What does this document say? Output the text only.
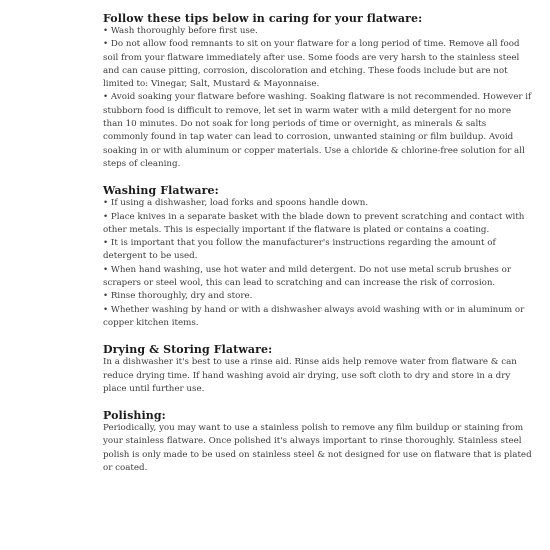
Follow these tips below in caring for your flatware:
• Wash thoroughly before first use.
• Do not allow food remnants to sit on your flatware for a long period of time. Remove all food soil from your flatware immediately after use. Some foods are very harsh to the stainless steel and can cause pitting, corrosion, discoloration and etching. These foods include but are not limited to: Vinegar, Salt, Mustard & Mayonnaise.
• Avoid soaking your flatware before washing. Soaking flatware is not recommended. However if stubborn food is difficult to remove, let set in warm water with a mild detergent for no more than 10 minutes. Do not soak for long periods of time or overnight, as minerals & salts commonly found in tap water can lead to corrosion, unwanted staining or film buildup. Avoid soaking in or with aluminum or copper materials. Use a chloride & chlorine-free solution for all steps of cleaning.
Washing Flatware:
• If using a dishwasher, load forks and spoons handle down.
• Place knives in a separate basket with the blade down to prevent scratching and contact with other metals. This is especially important if the flatware is plated or contains a coating.
• It is important that you follow the manufacturer's instructions regarding the amount of detergent to be used.
• When hand washing, use hot water and mild detergent. Do not use metal scrub brushes or scrapers or steel wool, this can lead to scratching and can increase the risk of corrosion.
• Rinse thoroughly, dry and store.
• Whether washing by hand or with a dishwasher always avoid washing with or in aluminum or copper kitchen items.
Drying & Storing Flatware:
In a dishwasher it's best to use a rinse aid. Rinse aids help remove water from flatware & can reduce drying time. If hand washing avoid air drying, use soft cloth to dry and store in a dry place until further use.
Polishing:
Periodically, you may want to use a stainless polish to remove any film buildup or staining from your stainless flatware. Once polished it's always important to rinse thoroughly. Stainless steel polish is only made to be used on stainless steel & not designed for use on flatware that is plated or coated.
